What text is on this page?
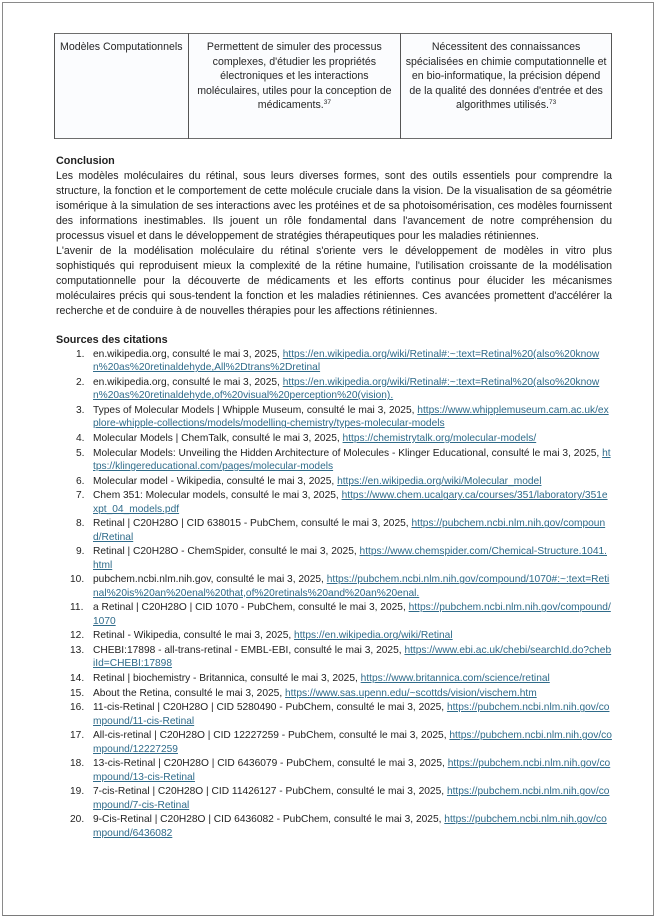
Modèles Computationnels	Permettent de simuler des processus complexes, d'étudier les propriétés électroniques et les interactions moléculaires, utiles pour la conception de médicaments.$^{37}$	Nécessitent des connaissances spécialisées en chimie computationnelle et en bio-informatique, la précision dépend de la qualité des données d'entrée et des algorithmes utilisés.$^{73}$
Conclusion

Les modèles moléculaires du rétinal, sous leurs diverses formes, sont des outils essentiels pour comprendre la structure, la fonction et le comportement de cette molécule cruciale dans la vision. De la visualisation de sa géométrie isomérique à la simulation de ses interactions avec les protéines et de sa photoisomérisation, ces modèles fournissent des informations inestimables. Ils jouent un rôle fondamental dans l'avancement de notre compréhension du processus visuel et dans le développement de stratégies thérapeutiques pour les maladies rétiniennes.

L'avenir de la modélisation moléculaire du rétinal s'oriente vers le développement de modèles in vitro plus sophistiqués qui reproduisent mieux la complexité de la rétine humaine, l'utilisation croissante de la modélisation computationnelle pour la découverte de médicaments et les efforts continus pour élucider les mécanismes moléculaires précis qui sous-tendent la fonction et les maladies rétiniennes. Ces avancées promettent d'accélérer la recherche et de conduire à de nouvelles thérapies pour les affections rétiniennes.

Sources des citations
1. en.wikipedia.org, consulté le mai 3, 2025, https://en.wikipedia.org/wiki/Retinal#:~:text=Retinal%20(also%20known%20as%20retinaldehyde,All%2Dtrans%2Dretinal
2. en.wikipedia.org, consulté le mai 3, 2025, https://en.wikipedia.org/wiki/Retinal#:~:text=Retinal%20(also%20known%20as%20retinaldehyde,of%20visual%20perception%20(vision).
3. Types of Molecular Models | Whipple Museum, consulté le mai 3, 2025, https://www.whipplemuseum.cam.ac.uk/explore-whipple-collections/models/modelling-chemistry/types-molecular-models
4. Molecular Models | ChemTalk, consulté le mai 3, 2025, https://chemistrytalk.org/molecular-models/
5. Molecular Models: Unveiling the Hidden Architecture of Molecules - Klinger Educational, consulté le mai 3, 2025, https://klingereducational.com/pages/molecular-models
6. Molecular model - Wikipedia, consulté le mai 3, 2025, https://en.wikipedia.org/wiki/Molecular_model
7. Chem 351: Molecular models, consulté le mai 3, 2025, https://www.chem.ucalgary.ca/courses/351/laboratory/351expt_04_models.pdf
8. Retinal | C20H28O | CID 638015 - PubChem, consulté le mai 3, 2025, https://pubchem.ncbi.nlm.nih.gov/compound/Retinal
9. Retinal | C20H28O - ChemSpider, consulté le mai 3, 2025, https://www.chemspider.com/Chemical-Structure.1041.html
10. pubchem.ncbi.nlm.nih.gov, consulté le mai 3, 2025, https://pubchem.ncbi.nlm.nih.gov/compound/1070#:~:text=Retinal%20is%20an%20enal%20that,of%20retinals%20and%20an%20enal.
11. a Retinal | C20H28O | CID 1070 - PubChem, consulté le mai 3, 2025, https://pubchem.ncbi.nlm.nih.gov/compound/1070
12. Retinal - Wikipedia, consulté le mai 3, 2025, https://en.wikipedia.org/wiki/Retinal
13. CHEBI:17898 - all-trans-retinal - EMBL-EBI, consulté le mai 3, 2025, https://www.ebi.ac.uk/chebi/searchId.do?chebiId=CHEBI:17898
14. Retinal | biochemistry - Britannica, consulté le mai 3, 2025, https://www.britannica.com/science/retinal
15. About the Retina, consulté le mai 3, 2025, https://www.sas.upenn.edu/~scottds/vision/vischem.htm
16. 11-cis-Retinal | C20H28O | CID 5280490 - PubChem, consulté le mai 3, 2025, https://pubchem.ncbi.nlm.nih.gov/compound/11-cis-Retinal
17. All-cis-retinal | C20H28O | CID 12227259 - PubChem, consulté le mai 3, 2025, https://pubchem.ncbi.nlm.nih.gov/compound/12227259
18. 13-cis-Retinal | C20H28O | CID 6436079 - PubChem, consulté le mai 3, 2025, https://pubchem.ncbi.nlm.nih.gov/compound/13-cis-Retinal
19. 7-cis-Retinal | C20H28O | CID 11426127 - PubChem, consulté le mai 3, 2025, https://pubchem.ncbi.nlm.nih.gov/compound/7-cis-Retinal
20. 9-Cis-Retinal | C20H28O | CID 6436082 - PubChem, consulté le mai 3, 2025, https://pubchem.ncbi.nlm.nih.gov/compound/6436082
